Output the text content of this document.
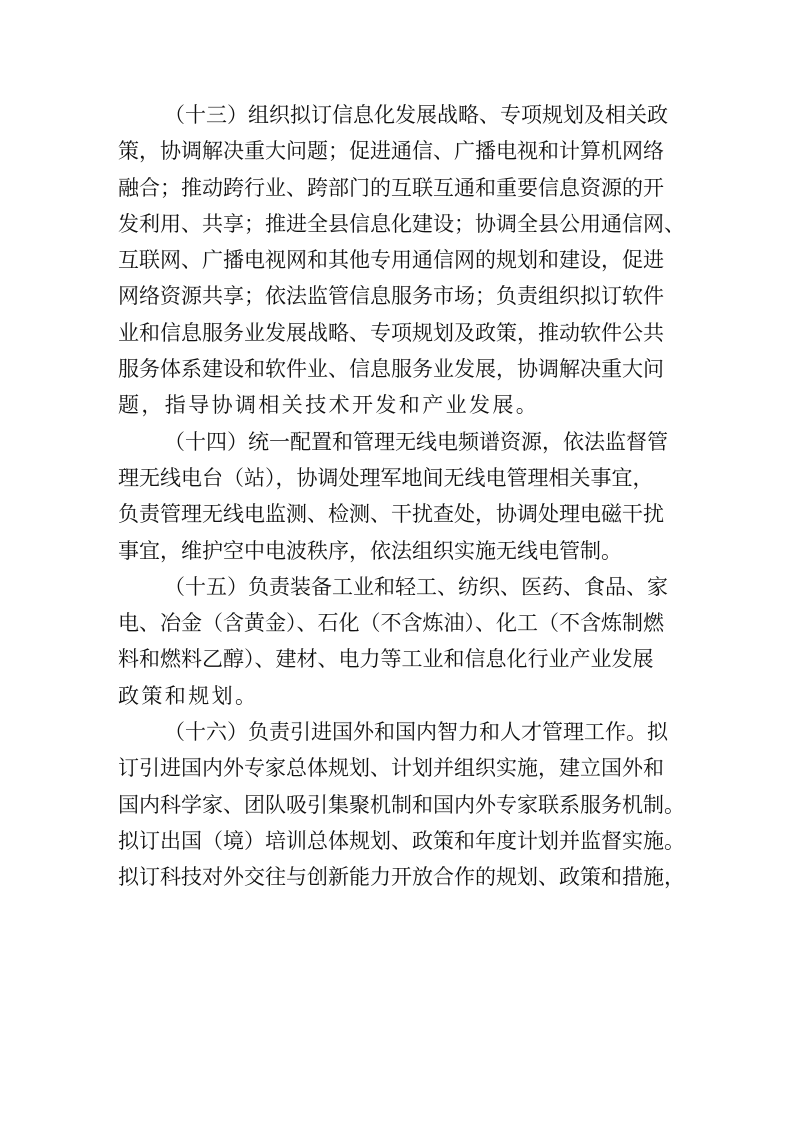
（十三）组织拟订信息化发展战略、专项规划及相关政
策，协调解决重大问题；促进通信、广播电视和计算机网络
融合；推动跨行业、跨部门的互联互通和重要信息资源的开
发利用、共享；推进全县信息化建设；协调全县公用通信网、
互联网、广播电视网和其他专用通信网的规划和建设，促进
网络资源共享；依法监管信息服务市场；负责组织拟订软件
业和信息服务业发展战略、专项规划及政策，推动软件公共
服务体系建设和软件业、信息服务业发展，协调解决重大问
题，指导协调相关技术开发和产业发展。
（十四）统一配置和管理无线电频谱资源，依法监督管
理无线电台（站），协调处理军地间无线电管理相关事宜，
负责管理无线电监测、检测、干扰查处，协调处理电磁干扰
事宜，维护空中电波秩序，依法组织实施无线电管制。
（十五）负责装备工业和轻工、纺织、医药、食品、家
电、冶金（含黄金）、石化（不含炼油）、化工（不含炼制燃
料和燃料乙醇）、建材、电力等工业和信息化行业产业发展
政策和规划。
（十六）负责引进国外和国内智力和人才管理工作。拟
订引进国内外专家总体规划、计划并组织实施，建立国外和
国内科学家、团队吸引集聚机制和国内外专家联系服务机制。
拟订出国（境）培训总体规划、政策和年度计划并监督实施。
拟订科技对外交往与创新能力开放合作的规划、政策和措施，
